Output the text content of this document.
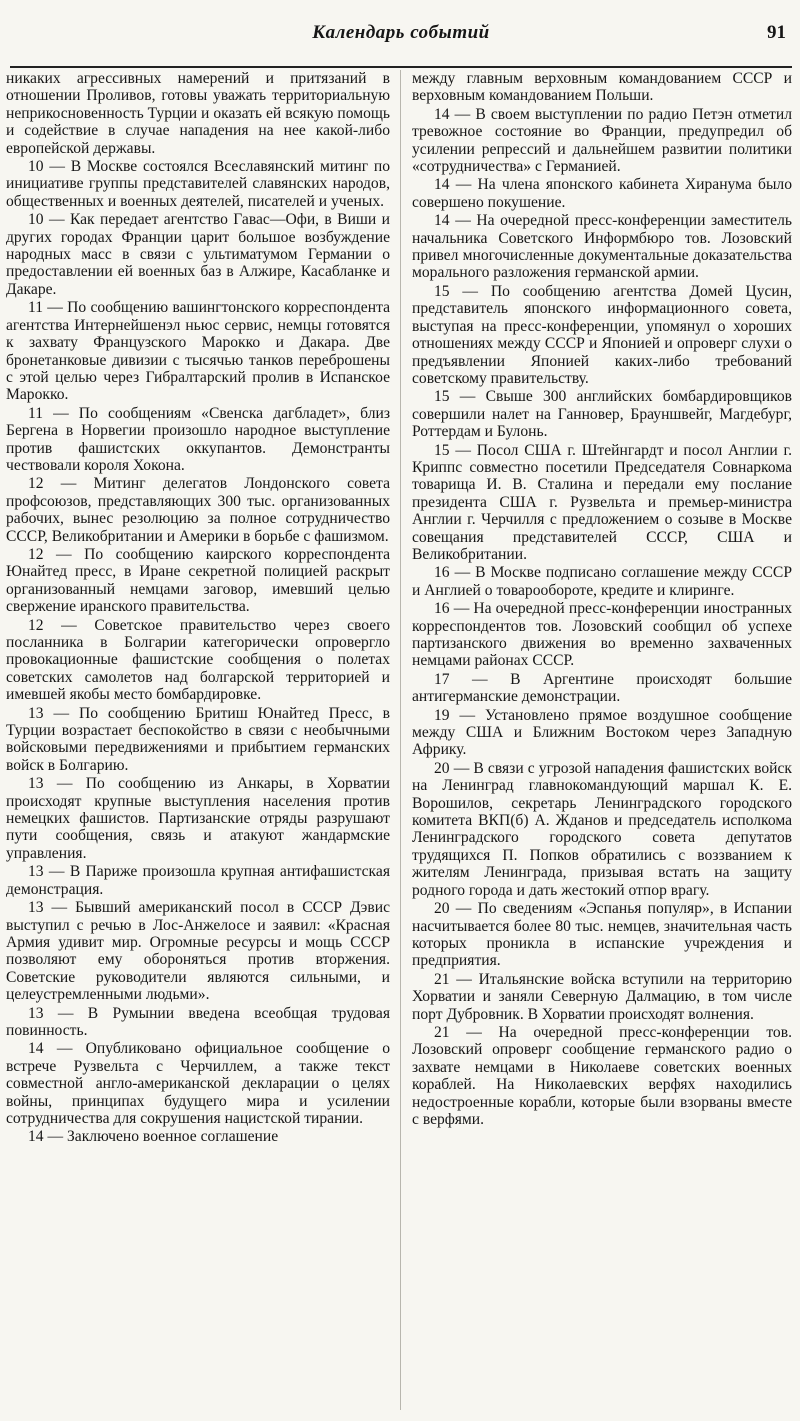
Календарь событий	91

никаких агрессивных намерений и притязаний в отношении Проливов, готовы уважать территориальную неприкосновенность Турции и оказать ей всякую помощь и содействие в случае нападения на нее какой-либо европейской державы.

10 — В Москве состоялся Всеславянский митинг по инициативе группы представителей славянских народов, общественных и военных деятелей, писателей и ученых.

10 — Как передает агентство Гавас—Офи, в Виши и других городах Франции царит большое возбуждение народных масс в связи с ультиматумом Германии о предоставлении ей военных баз в Алжире, Касабланке и Дакаре.

11 — По сообщению вашингтонского корреспондента агентства Интернейшенэл ньюс сервис, немцы готовятся к захвату Французского Марокко и Дакара. Две бронетанковые дивизии с тысячью танков переброшены с этой целью через Гибралтарский пролив в Испанское Марокко.

11 — По сообщениям «Свенска дагбладет», близ Бергена в Норвегии произошло народное выступление против фашистских оккупантов. Демонстранты чествовали короля Хокона.

12 — Митинг делегатов Лондонского совета профсоюзов, представляющих 300 тыс. организованных рабочих, вынес резолюцию за полное сотрудничество СССР, Великобритании и Америки в борьбе с фашизмом.

12 — По сообщению каирского корреспондента Юнайтед пресс, в Иране секретной полицией раскрыт организованный немцами заговор, имевший целью свержение иранского правительства.

12 — Советское правительство через своего посланника в Болгарии категорически опровергло провокационные фашистские сообщения о полетах советских самолетов над болгарской территорией и имевшей якобы место бомбардировке.

13 — По сообщению Бритиш Юнайтед Пресс, в Турции возрастает беспокойство в связи с необычными войсковыми передвижениями и прибытием германских войск в Болгарию.

13 — По сообщению из Анкары, в Хорватии происходят крупные выступления населения против немецких фашистов. Партизанские отряды разрушают пути сообщения, связь и атакуют жандармские управления.

13 — В Париже произошла крупная антифашистская демонстрация.

13 — Бывший американский посол в СССР Дэвис выступил с речью в Лос-Анжелосе и заявил: «Красная Армия удивит мир. Огромные ресурсы и мощь СССР позволяют ему обороняться против вторжения. Советские руководители являются сильными, и целеустремленными людьми».

13 — В Румынии введена всеобщая трудовая повинность.

14 — Опубликовано официальное сообщение о встрече Рузвельта с Черчиллем, а также текст совместной англо-американской декларации о целях войны, принципах будущего мира и усилении сотрудничества для сокрушения нацистской тирании.

14 — Заключено военное соглашение

между главным верховным командованием СССР и верховным командованием Польши.

14 — В своем выступлении по радио Петэн отметил тревожное состояние во Франции, предупредил об усилении репрессий и дальнейшем развитии политики «сотрудничества» с Германией.

14 — На члена японского кабинета Хиранума было совершено покушение.

14 — На очередной пресс-конференции заместитель начальника Советского Информбюро тов. Лозовский привел многочисленные документальные доказательства морального разложения германской армии.

15 — По сообщению агентства Домей Цусин, представитель японского информационного совета, выступая на пресс-конференции, упомянул о хороших отношениях между СССР и Японией и опроверг слухи о предъявлении Японией каких-либо требований советскому правительству.

15 — Свыше 300 английских бомбардировщиков совершили налет на Ганновер, Брауншвейг, Магдебург, Роттердам и Булонь.

15 — Посол США г. Штейнгардт и посол Англии г. Криппс совместно посетили Председателя Совнаркома товарища И. В. Сталина и передали ему послание президента США г. Рузвельта и премьер-министра Англии г. Черчилля с предложением о созыве в Москве совещания представителей СССР, США и Великобритании.

16 — В Москве подписано соглашение между СССР и Англией о товарообороте, кредите и клиринге.

16 — На очередной пресс-конференции иностранных корреспондентов тов. Лозовский сообщил об успехе партизанского движения во временно захваченных немцами районах СССР.

17 — В Аргентине происходят большие антигерманские демонстрации.

19 — Установлено прямое воздушное сообщение между США и Ближним Востоком через Западную Африку.

20 — В связи с угрозой нападения фашистских войск на Ленинград главнокомандующий маршал К. Е. Ворошилов, секретарь Ленинградского городского комитета ВКП(б) А. Жданов и председатель исполкома Ленинградского городского совета депутатов трудящихся П. Попков обратились с воззванием к жителям Ленинграда, призывая встать на защиту родного города и дать жестокий отпор врагу.

20 — По сведениям «Эспанья популяр», в Испании насчитывается более 80 тыс. немцев, значительная часть которых проникла в испанские учреждения и предприятия.

21 — Итальянские войска вступили на территорию Хорватии и заняли Северную Далмацию, в том числе порт Дубровник. В Хорватии происходят волнения.

21 — На очередной пресс-конференции тов. Лозовский опроверг сообщение германского радио о захвате немцами в Николаеве советских военных кораблей. На Николаевских верфях находились недостроенные корабли, которые были взорваны вместе с верфями.
